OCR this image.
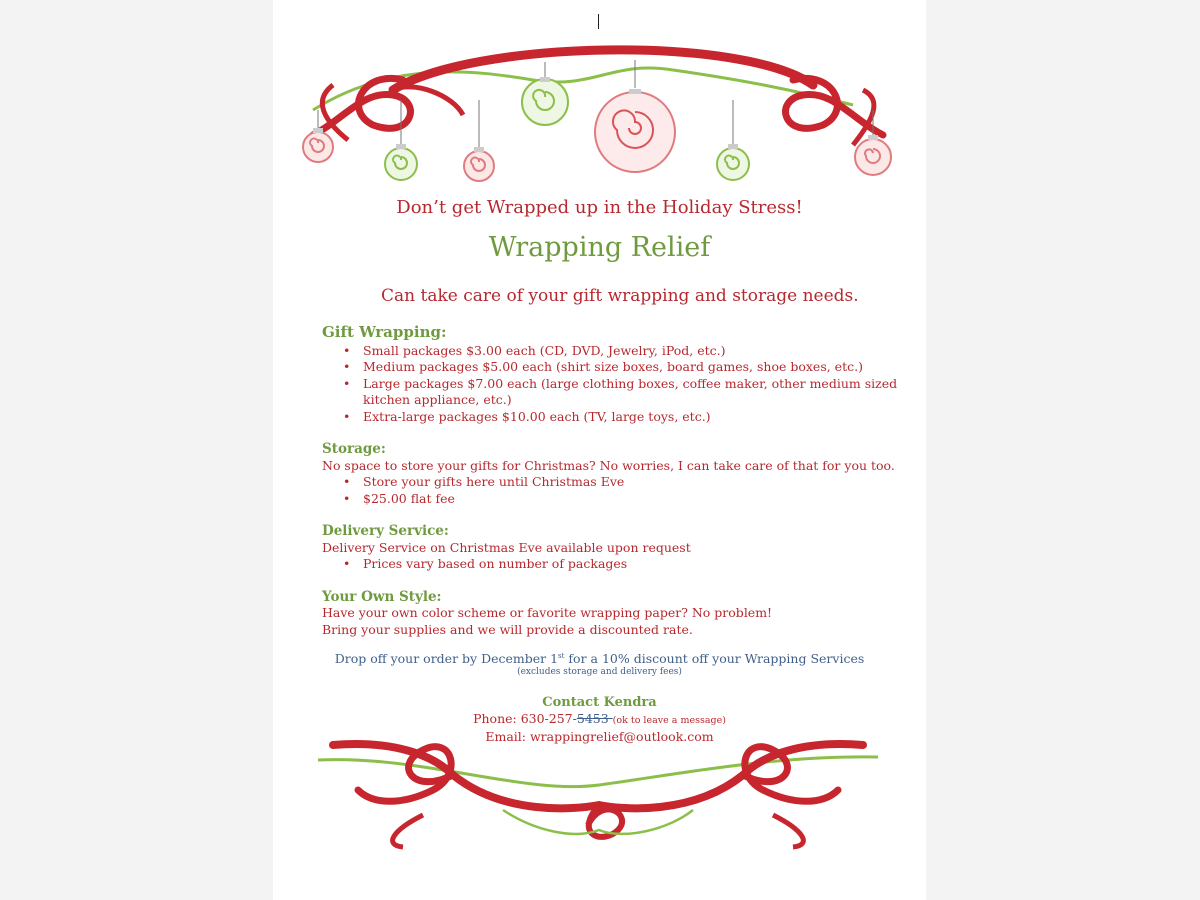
Don’t get Wrapped up in the Holiday Stress!
Wrapping Relief
Can take care of your gift wrapping and storage needs.

Gift Wrapping:

• Small packages $3.00 each (CD, DVD, Jewelry, iPod, etc.)
• Medium packages $5.00 each (shirt size boxes, board games, shoe boxes, etc.)
• Large packages $7.00 each (large clothing boxes, coffee maker, other medium sized kitchen appliance, etc.)
• Extra-large packages $10.00 each (TV, large toys, etc.)

Storage:

No space to store your gifts for Christmas? No worries, I can take care of that for you too.

• Store your gifts here until Christmas Eve
• $25.00 flat fee

Delivery Service:

Delivery Service on Christmas Eve available upon request

• Prices vary based on number of packages

Your Own Style:

Have your own color scheme or favorite wrapping paper? No problem!

Bring your supplies and we will provide a discounted rate.

Drop off your order by December 1st for a 10% discount off your Wrapping Services
(excludes storage and delivery fees)
Contact Kendra
Phone: 630-257-5453 (ok to leave a message)
Email: wrappingrelief@outlook.com
